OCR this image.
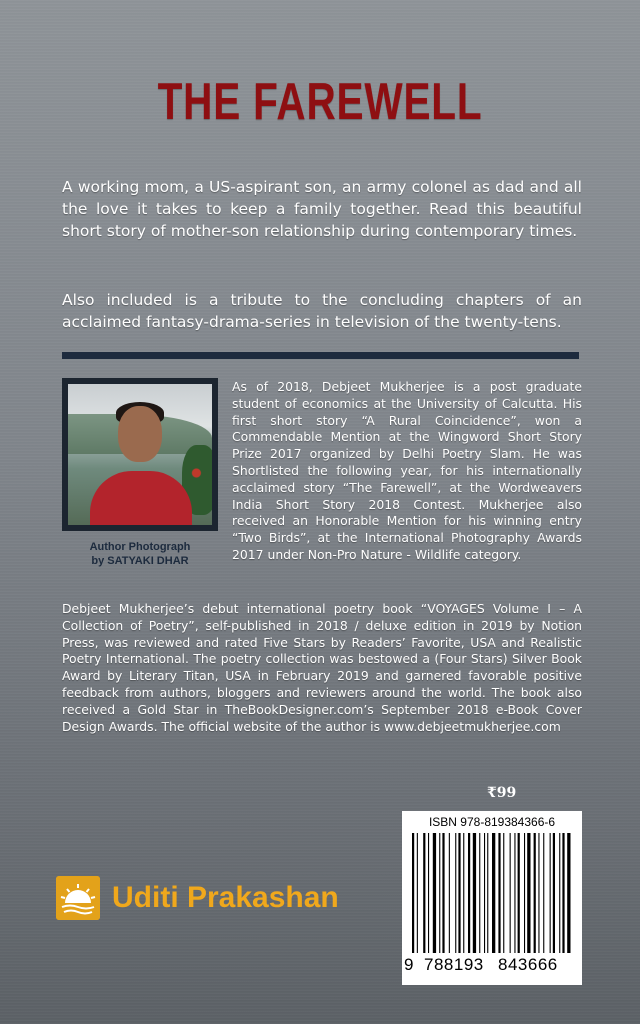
THE FAREWELL
A working mom, a US-aspirant son, an army colonel as dad and all the love it takes to keep a family together. Read this beautiful short story of mother-son relationship during contemporary times.
Also included is a tribute to the concluding chapters of an acclaimed fantasy-drama-series in television of the twenty-tens.
Author Photograph
by SATYAKI DHAR
As of 2018, Debjeet Mukherjee is a post graduate student of economics at the University of Calcutta. His first short story “A Rural Coincidence”, won a Commendable Mention at the Wingword Short Story Prize 2017 organized by Delhi Poetry Slam. He was Shortlisted the following year, for his internationally acclaimed story “The Farewell”, at the Wordweavers India Short Story 2018 Contest. Mukherjee also received an Honorable Mention for his winning entry “Two Birds”, at the International Photography Awards 2017 under Non-Pro Nature - Wildlife category.
Debjeet Mukherjee’s debut international poetry book “VOYAGES Volume I – A Collection of Poetry”, self-published in 2018 / deluxe edition in 2019 by Notion Press, was reviewed and rated Five Stars by Readers’ Favorite, USA and Realistic Poetry International. The poetry collection was bestowed a (Four Stars) Silver Book Award by Literary Titan, USA in February 2019 and garnered favorable positive feedback from authors, bloggers and reviewers around the world. The book also received a Gold Star in TheBookDesigner.com’s September 2018 e-Book Cover Design Awards. The official website of the author is www.debjeetmukherjee.com
₹99
ISBN 978-819384366-6
9 788193 843666
Uditi Prakashan
